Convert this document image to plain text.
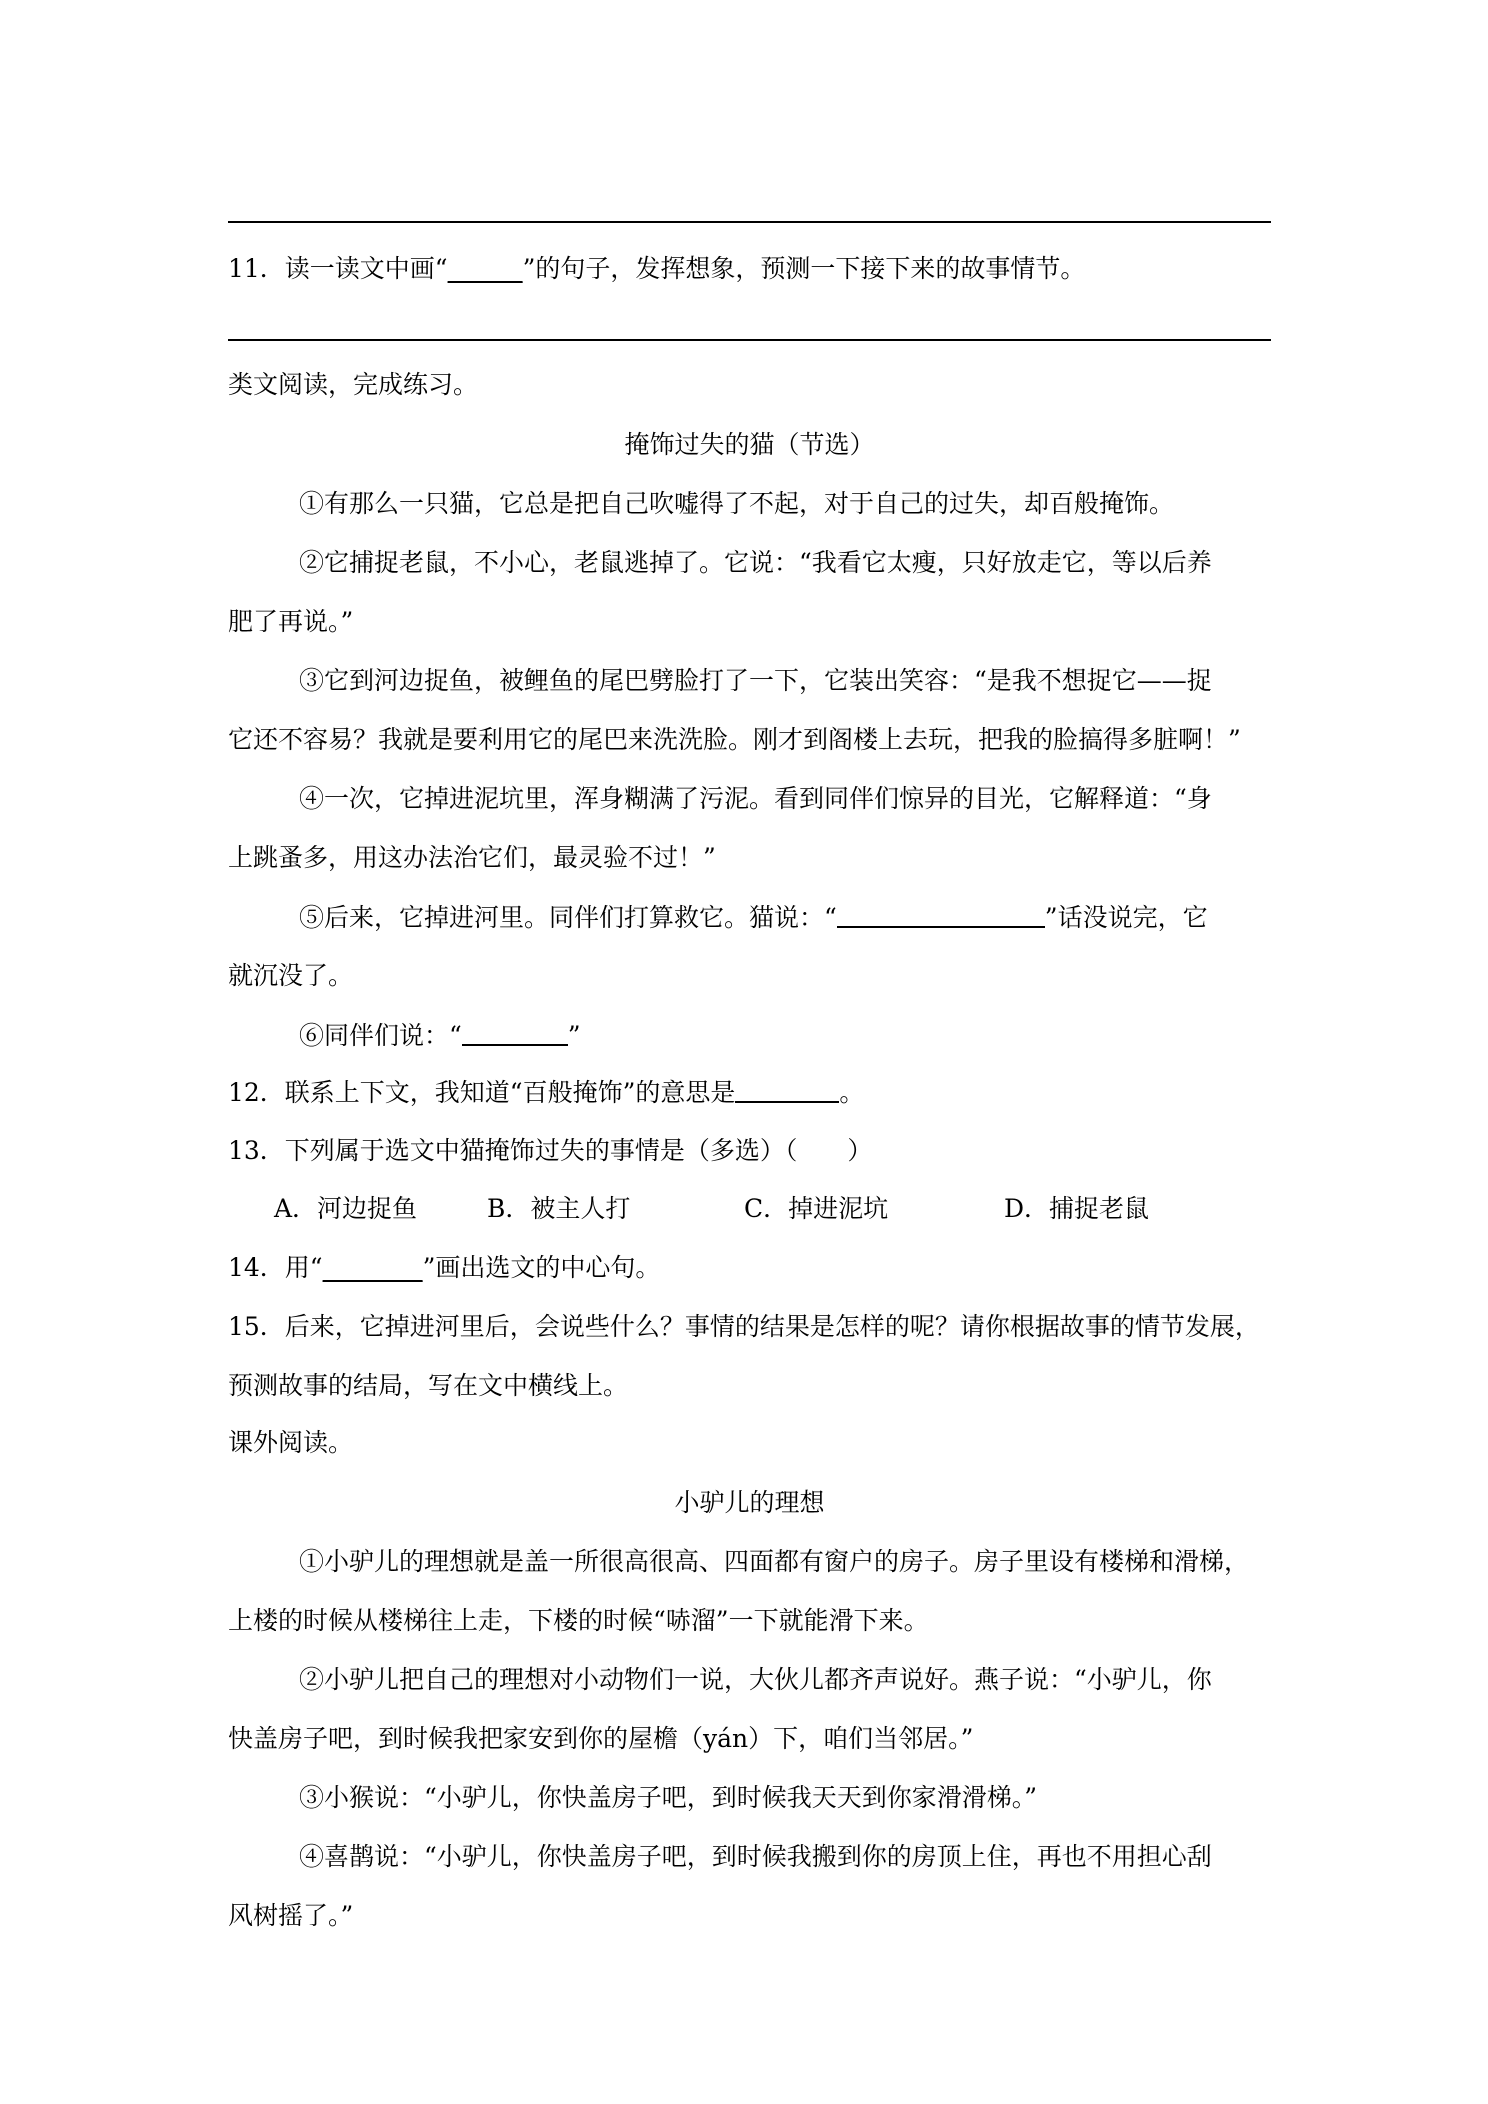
11．读一读文中画“______”的句子，发挥想象，预测一下接下来的故事情节。
类文阅读，完成练习。
掩饰过失的猫（节选）
①有那么一只猫，它总是把自己吹嘘得了不起，对于自己的过失，却百般掩饰。
②它捕捉老鼠，不小心，老鼠逃掉了。它说：“我看它太瘦，只好放走它，等以后养
肥了再说。”
③它到河边捉鱼，被鲤鱼的尾巴劈脸打了一下，它装出笑容：“是我不想捉它——捉
它还不容易？我就是要利用它的尾巴来洗洗脸。刚才到阁楼上去玩，把我的脸搞得多脏啊！”
④一次，它掉进泥坑里，浑身糊满了污泥。看到同伴们惊异的目光，它解释道：“身
上跳蚤多，用这办法治它们，最灵验不过！”
⑤后来，它掉进河里。同伴们打算救它。猫说：“	”话没说完，它
就沉没了。
⑥同伴们说：“	”
12．联系上下文，我知道“百般掩饰”的意思是	。
13．下列属于选文中猫掩饰过失的事情是（多选）（　　）
A．河边捉鱼	B．被主人打	C．掉进泥坑	D．捕捉老鼠
14．用“________”画出选文的中心句。
15．后来，它掉进河里后，会说些什么？事情的结果是怎样的呢？请你根据故事的情节发展，
预测故事的结局，写在文中横线上。
课外阅读。
小驴儿的理想
①小驴儿的理想就是盖一所很高很高、四面都有窗户的房子。房子里设有楼梯和滑梯，
上楼的时候从楼梯往上走，下楼的时候“哧溜”一下就能滑下来。
②小驴儿把自己的理想对小动物们一说，大伙儿都齐声说好。燕子说：“小驴儿，你
快盖房子吧，到时候我把家安到你的屋檐（yán）下，咱们当邻居。”
③小猴说：“小驴儿，你快盖房子吧，到时候我天天到你家滑滑梯。”
④喜鹊说：“小驴儿，你快盖房子吧，到时候我搬到你的房顶上住，再也不用担心刮
风树摇了。”
